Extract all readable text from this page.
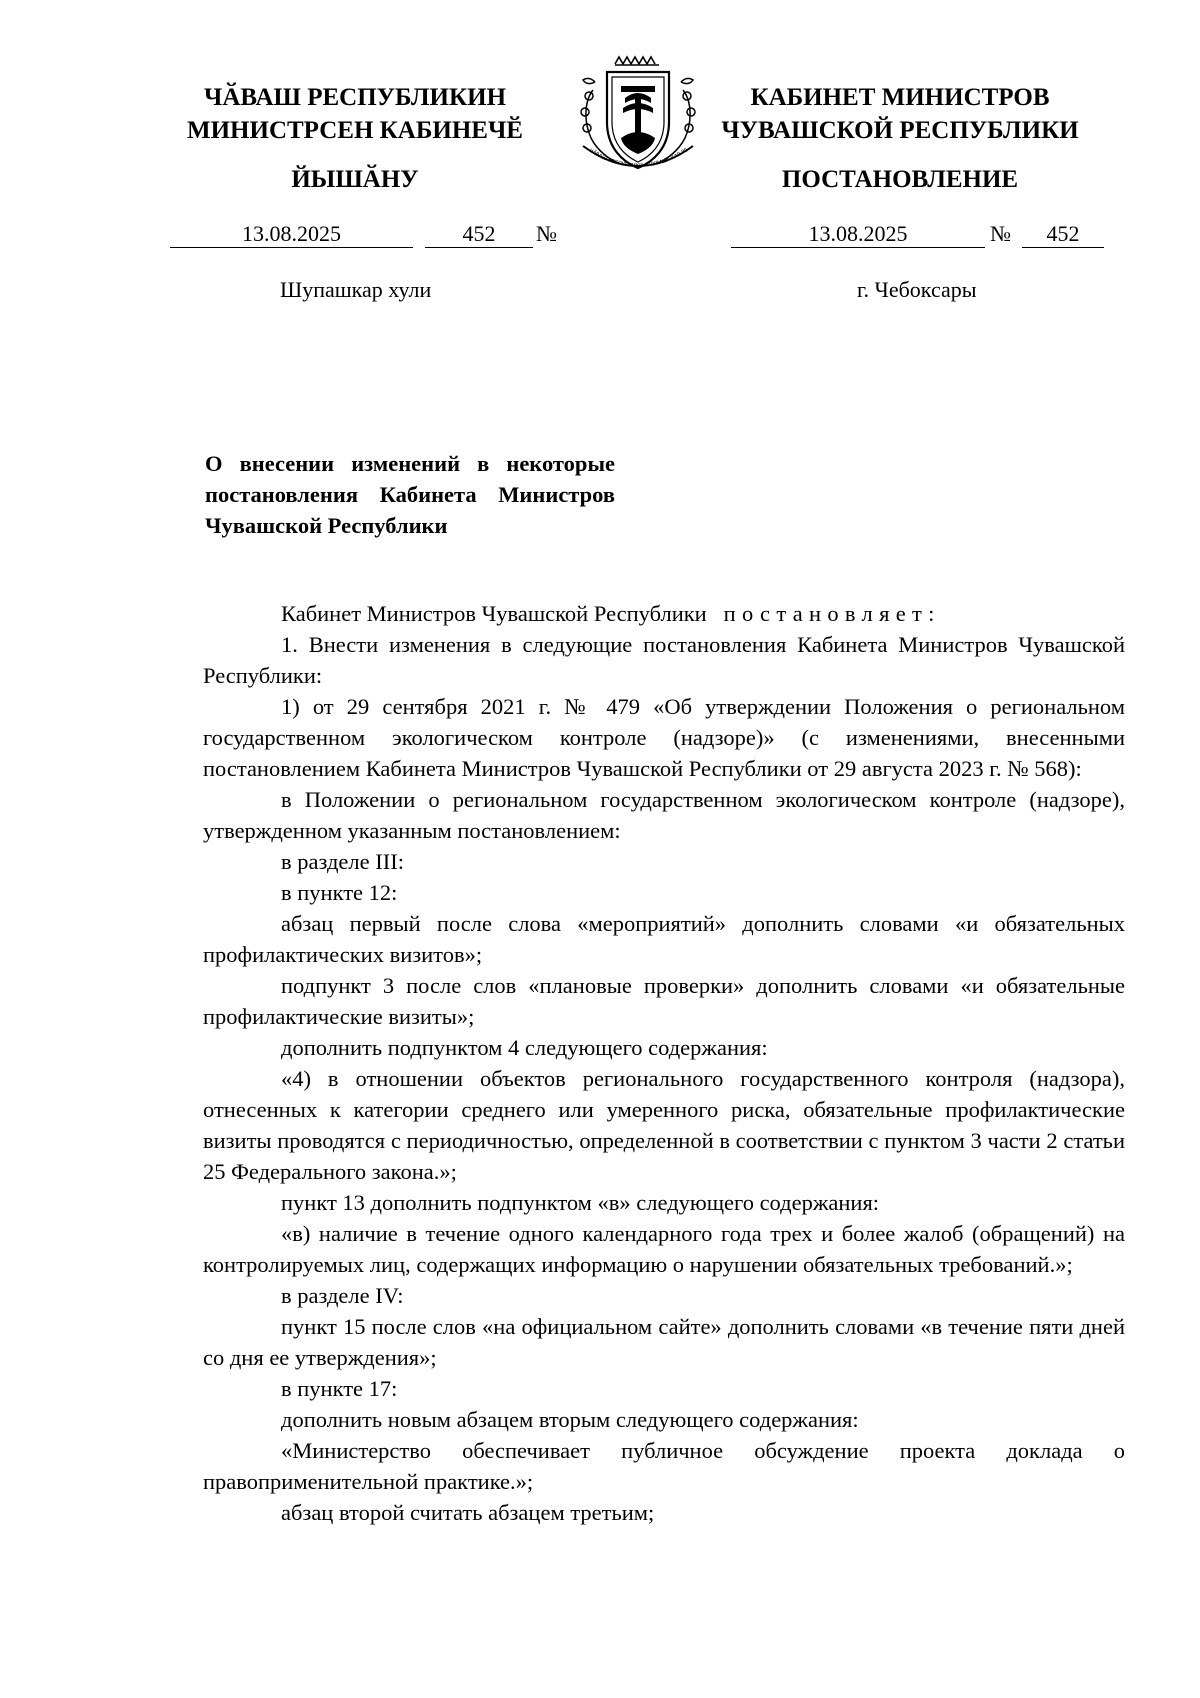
ЧӐВАШ РЕСПУБЛИКИН
МИНИСТРСЕН КАБИНЕЧӖ
ЙЫШӐНУ
ЧĂВАШ РЕСПУБЛИКИ • ЧУВАШСКАЯ РЕ
КАБИНЕТ МИНИСТРОВ
ЧУВАШСКОЙ РЕСПУБЛИКИ
ПОСТАНОВЛЕНИЕ
13.08.2025	452	№	13.08.2025	№	452
Шупашкар хули	г. Чебоксары
О внесении изменений в некоторые постановления Кабинета Министров Чувашской Республики

Кабинет Министров Чувашской Республики постановляет:

1. Внести изменения в следующие постановления Кабинета Министров Чувашской Республики:

1) от 29 сентября 2021 г. № 479 «Об утверждении Положения о региональном государственном экологическом контроле (надзоре)» (с изменениями, внесенными постановлением Кабинета Министров Чувашской Республики от 29 августа 2023 г. № 568):

в Положении о региональном государственном экологическом контроле (надзоре), утвержденном указанным постановлением:

в разделе III:

в пункте 12:

абзац первый после слова «мероприятий» дополнить словами «и обязательных профилактических визитов»;

подпункт 3 после слов «плановые проверки» дополнить словами «и обязательные профилактические визиты»;

дополнить подпунктом 4 следующего содержания:

«4) в отношении объектов регионального государственного контроля (надзора), отнесенных к категории среднего или умеренного риска, обязательные профилактические визиты проводятся с периодичностью, определенной в соответствии с пунктом 3 части 2 статьи 25 Федерального закона.»;

пункт 13 дополнить подпунктом «в» следующего содержания:

«в) наличие в течение одного календарного года трех и более жалоб (обращений) на контролируемых лиц, содержащих информацию о нарушении обязательных требований.»;

в разделе IV:

пункт 15 после слов «на официальном сайте» дополнить словами «в течение пяти дней со дня ее утверждения»;

в пункте 17:

дополнить новым абзацем вторым следующего содержания:

«Министерство обеспечивает публичное обсуждение проекта доклада о правоприменительной практике.»;

абзац второй считать абзацем третьим;
